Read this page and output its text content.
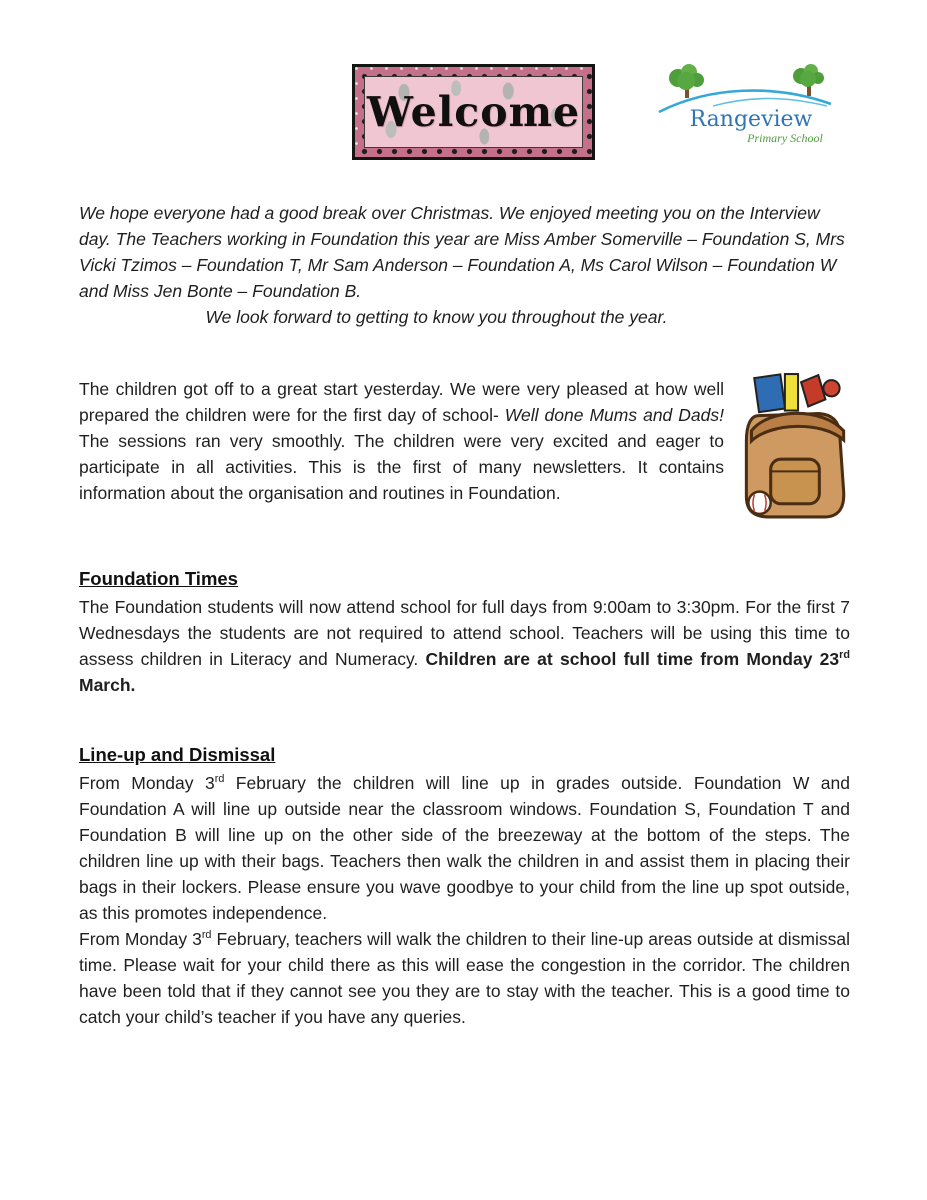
Welcome	Rangeview
Primary School

We hope everyone had a good break over Christmas. We enjoyed meeting you on the Interview day. The Teachers working in Foundation this year are Miss Amber Somerville – Foundation S, Mrs Vicki Tzimos – Foundation T, Mr Sam Anderson – Foundation A, Ms Carol Wilson – Foundation W and Miss Jen Bonte – Foundation B.

We look forward to getting to know you throughout the year.

The children got off to a great start yesterday. We were very pleased at how well prepared the children were for the first day of school- Well done Mums and Dads! The sessions ran very smoothly. The children were very excited and eager to participate in all activities. This is the first of many newsletters. It contains information about the organisation and routines in Foundation.

Foundation Times

The Foundation students will now attend school for full days from 9:00am to 3:30pm. For the first 7 Wednesdays the students are not required to attend school. Teachers will be using this time to assess children in Literacy and Numeracy. Children are at school full time from Monday 23rd March.

Line-up and Dismissal

From Monday 3rd February the children will line up in grades outside. Foundation W and Foundation A will line up outside near the classroom windows. Foundation S, Foundation T and Foundation B will line up on the other side of the breezeway at the bottom of the steps. The children line up with their bags. Teachers then walk the children in and assist them in placing their bags in their lockers. Please ensure you wave goodbye to your child from the line up spot outside, as this promotes independence.

From Monday 3rd February, teachers will walk the children to their line-up areas outside at dismissal time. Please wait for your child there as this will ease the congestion in the corridor. The children have been told that if they cannot see you they are to stay with the teacher. This is a good time to catch your child’s teacher if you have any queries.
